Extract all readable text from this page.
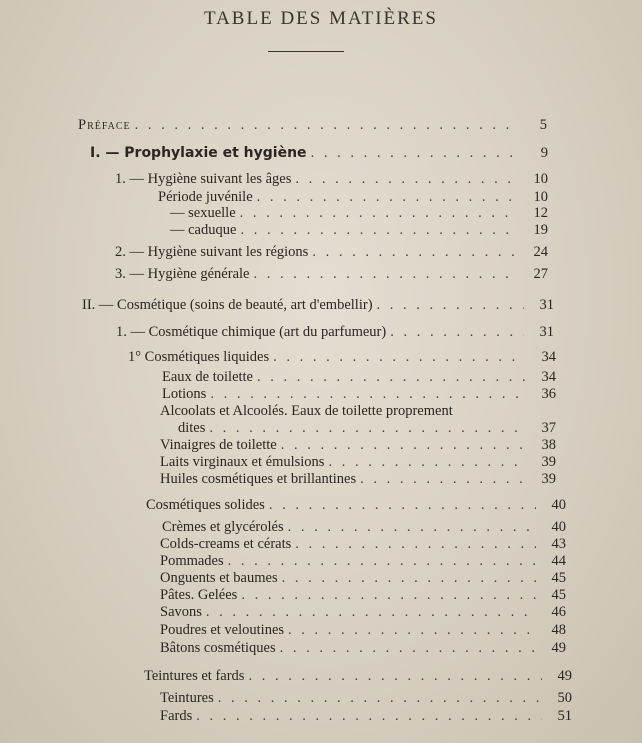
TABLE DES MATIÈRES
Préface . . .	5
I. — Prophylaxie et hygiène . . .	9
1. — Hygiène suivant les âges . . .	10
Période juvénile . . .	10
— sexuelle . . .	12
— caduque . . .	19
2. — Hygiène suivant les régions . . .	24
3. — Hygiène générale . . .	27
II. — Cosmétique (soins de beauté, art d'embellir) . . .	31
1. — Cosmétique chimique (art du parfumeur) . . .	31
1° Cosmétiques liquides . . .	34
Eaux de toilette . . .	34
Lotions . . .	36
Alcoolats et Alcoolés. Eaux de toilette proprement
dites . . .	37
Vinaigres de toilette . . .	38
Laits virginaux et émulsions . . .	39
Huiles cosmétiques et brillantines . . .	39
Cosmétiques solides . . .	40
Crèmes et glycérolés . . .	40
Colds-creams et cérats . . .	43
Pommades . . .	44
Onguents et baumes . . .	45
Pâtes. Gelées . . .	45
Savons . . .	46
Poudres et veloutines . . .	48
Bâtons cosmétiques . . .	49
Teintures et fards . . .	49
Teintures . . .	50
Fards . . .	51
